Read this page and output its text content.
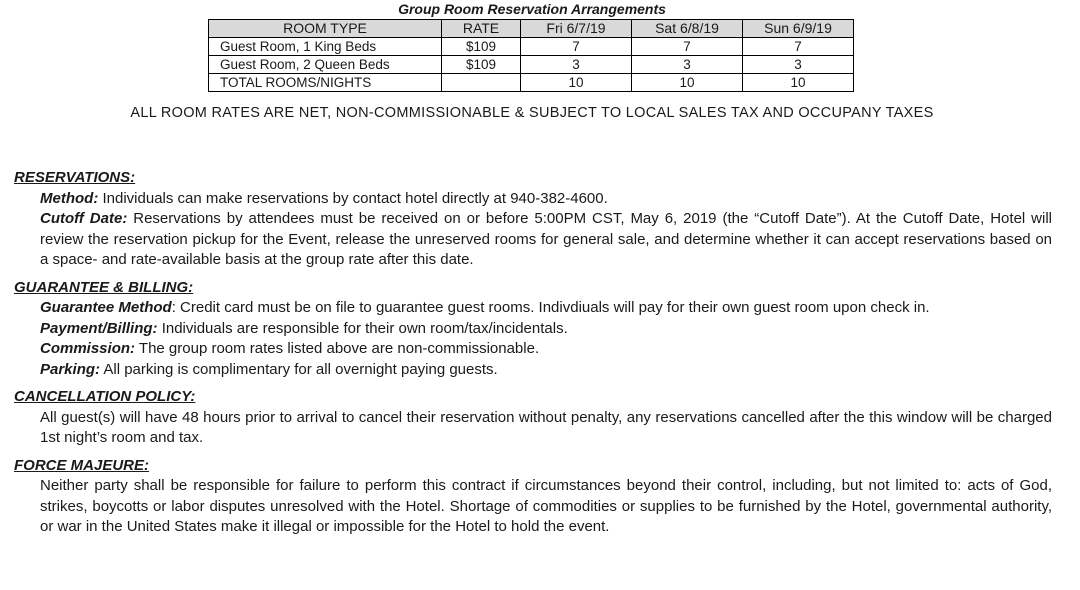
Group Room Reservation Arrangements
ROOM TYPE	RATE	Fri 6/7/19	Sat 6/8/19	Sun 6/9/19
Guest Room, 1 King Beds	$109	7	7	7
Guest Room, 2 Queen Beds	$109	3	3	3
TOTAL ROOMS/NIGHTS		10	10	10
ALL ROOM RATES ARE NET, NON-COMMISSIONABLE & SUBJECT TO LOCAL SALES TAX AND OCCUPANY TAXES
RESERVATIONS:
Method: Individuals can make reservations by contact hotel directly at 940-382-4600.
Cutoff Date: Reservations by attendees must be received on or before 5:00PM CST, May 6, 2019 (the “Cutoff Date”). At the Cutoff Date, Hotel will review the reservation pickup for the Event, release the unreserved rooms for general sale, and determine whether it can accept reservations based on a space- and rate-available basis at the group rate after this date.
GUARANTEE & BILLING:
Guarantee Method: Credit card must be on file to guarantee guest rooms. Indivdiuals will pay for their own guest room upon check in.
Payment/Billing: Individuals are responsible for their own room/tax/incidentals.
Commission: The group room rates listed above are non-commissionable.
Parking: All parking is complimentary for all overnight paying guests.
CANCELLATION POLICY:
All guest(s) will have 48 hours prior to arrival to cancel their reservation without penalty, any reservations cancelled after the this window will be charged 1st night’s room and tax.
FORCE MAJEURE:
Neither party shall be responsible for failure to perform this contract if circumstances beyond their control, including, but not limited to: acts of God, strikes, boycotts or labor disputes unresolved with the Hotel. Shortage of commodities or supplies to be furnished by the Hotel, governmental authority, or war in the United States make it illegal or impossible for the Hotel to hold the event.
